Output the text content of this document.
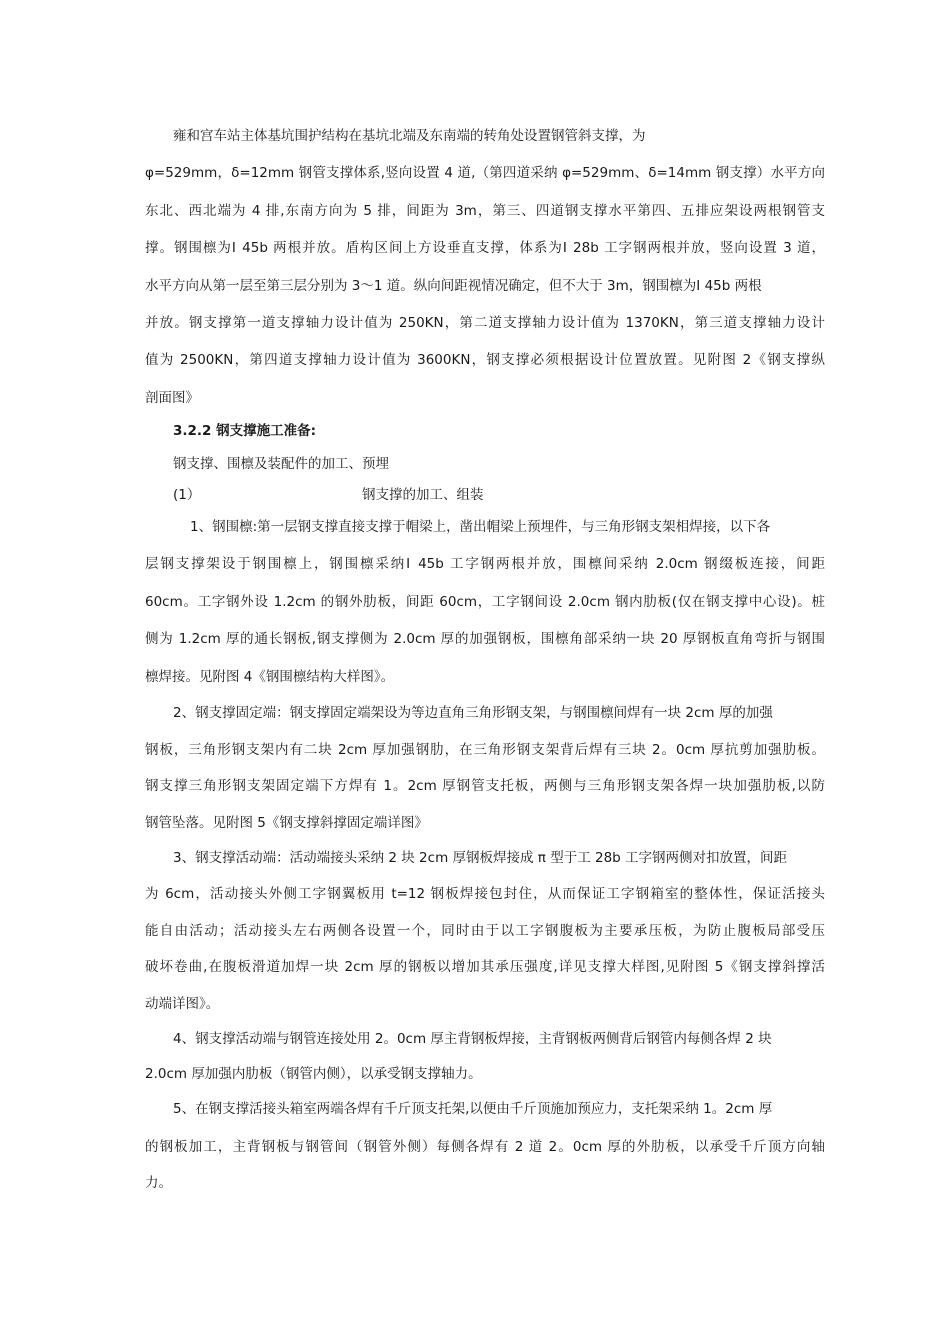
雍和宫车站主体基坑围护结构在基坑北端及东南端的转角处设置钢管斜支撑，为
φ=529mm，δ=12mm 钢管支撑体系,竖向设置 4 道,（第四道采纳 φ=529mm、δ=14mm 钢支撑）水平方向
东北、西北端为 4 排,东南方向为 5 排，间距为 3m，第三、四道钢支撑水平第四、五排应架设两根钢管支
撑。钢围檩为Ⅰ 45b 两根并放。盾构区间上方设垂直支撑，体系为Ⅰ 28b 工字钢两根并放，竖向设置 3 道，
水平方向从第一层至第三层分别为 3～1 道。纵向间距视情况确定，但不大于 3m，钢围檩为Ⅰ 45b 两根
并放。钢支撑第一道支撑轴力设计值为 250KN，第二道支撑轴力设计值为 1370KN，第三道支撑轴力设计
值为 2500KN，第四道支撑轴力设计值为 3600KN，钢支撑必须根据设计位置放置。见附图 2《钢支撑纵
剖面图》
3.2.2 钢支撑施工准备:
钢支撑、围檩及装配件的加工、预埋
(1）	钢支撑的加工、组装
1、钢围檩:第一层钢支撑直接支撑于帽梁上，凿出帽梁上预埋件，与三角形钢支架相焊接，以下各
层钢支撑架设于钢围檩上，钢围檩采纳Ⅰ 45b 工字钢两根并放，围檩间采纳 2.0cm 钢缀板连接，间距
60cm。工字钢外设 1.2cm 的钢外肋板，间距 60cm，工字钢间设 2.0cm 钢内肋板(仅在钢支撑中心设)。桩
侧为 1.2cm 厚的通长钢板,钢支撑侧为 2.0cm 厚的加强钢板，围檩角部采纳一块 20 厚钢板直角弯折与钢围
檩焊接。见附图 4《钢围檩结构大样图》。
2、钢支撑固定端：钢支撑固定端架设为等边直角三角形钢支架，与钢围檩间焊有一块 2cm 厚的加强
钢板，三角形钢支架内有二块 2cm 厚加强钢肋，在三角形钢支架背后焊有三块 2。0cm 厚抗剪加强肋板。
钢支撑三角形钢支架固定端下方焊有 1。2cm 厚钢管支托板，两侧与三角形钢支架各焊一块加强肋板,以防
钢管坠落。见附图 5《钢支撑斜撑固定端详图》
3、钢支撑活动端：活动端接头采纳 2 块 2cm 厚钢板焊接成 π 型于工 28b 工字钢两侧对扣放置，间距
为 6cm，活动接头外侧工字钢翼板用 t=12 钢板焊接包封住，从而保证工字钢箱室的整体性，保证活接头
能自由活动；活动接头左右两侧各设置一个，同时由于以工字钢腹板为主要承压板，为防止腹板局部受压
破坏卷曲,在腹板滑道加焊一块 2cm 厚的钢板以增加其承压强度,详见支撑大样图,见附图 5《钢支撑斜撑活
动端详图》。
4、钢支撑活动端与钢管连接处用 2。0cm 厚主背钢板焊接，主背钢板两侧背后钢管内每侧各焊 2 块
2.0cm 厚加强内肋板（钢管内侧），以承受钢支撑轴力。
5、在钢支撑活接头箱室两端各焊有千斤顶支托架,以便由千斤顶施加预应力，支托架采纳 1。2cm 厚
的钢板加工，主背钢板与钢管间（钢管外侧）每侧各焊有 2 道 2。0cm 厚的外肋板，以承受千斤顶方向轴
力。
